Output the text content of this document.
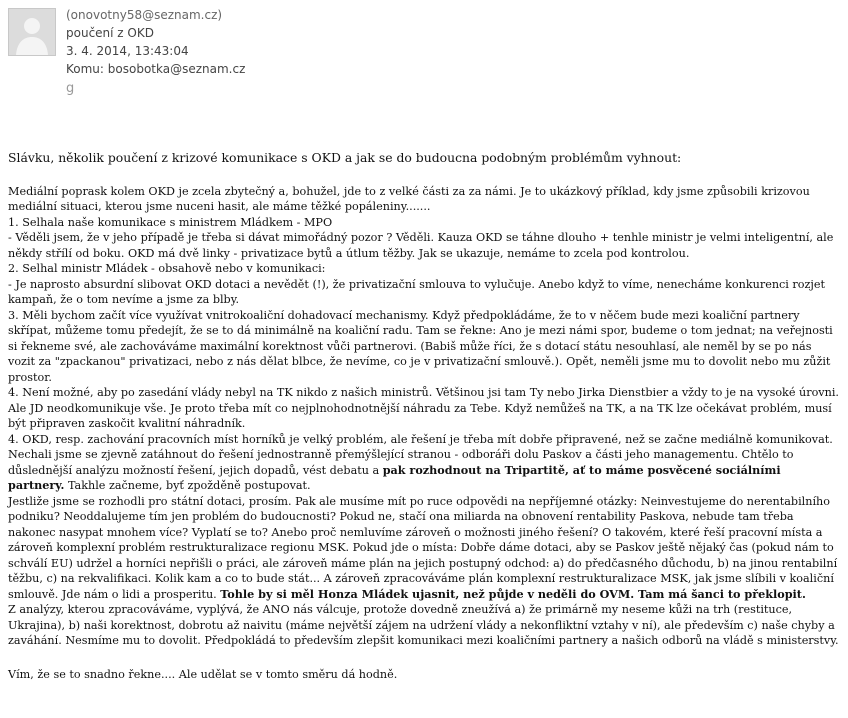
(onovotny58@seznam.cz)
poučení z OKD
3. 4. 2014, 13:43:04
Komu: bosobotka@seznam.cz
g

Slávku, několik poučení z krizové komunikace s OKD a jak se do budoucna podobným problémům vyhnout:

Mediální poprask kolem OKD je zcela zbytečný a, bohužel, jde to z velké části za za námi. Je to ukázkový příklad, kdy jsme způsobili krizovou mediální situaci, kterou jsme nuceni hasit, ale máme těžké popáleniny.......

1. Selhala naše komunikace s ministrem Mládkem - MPO

- Věděli jsem, že v jeho případě je třeba si dávat mimořádný pozor ? Věděli. Kauza OKD se táhne dlouho + tenhle ministr je velmi inteligentní, ale někdy střílí od boku. OKD má dvě linky - privatizace bytů a útlum těžby. Jak se ukazuje, nemáme to zcela pod kontrolou.

2. Selhal ministr Mládek - obsahově nebo v komunikaci:

- Je naprosto absurdní slibovat OKD dotaci a nevědět (!), že privatizační smlouva to vylučuje. Anebo když to víme, nenecháme konkurenci rozjet kampaň, že o tom nevíme a jsme za blby.

3. Měli bychom začít více využívat vnitrokoaliční dohadovací mechanismy. Když předpokládáme, že to v něčem bude mezi koaliční partnery skřípat, můžeme tomu předejít, že se to dá minimálně na koaliční radu. Tam se řekne: Ano je mezi námi spor, budeme o tom jednat; na veřejnosti si řekneme své, ale zachováváme maximální korektnost vůči partnerovi. (Babiš může říci, že s dotací státu nesouhlasí, ale neměl by se po nás vozit za "zpackanou" privatizaci, nebo z nás dělat blbce, že nevíme, co je v privatizační smlouvě.). Opět, neměli jsme mu to dovolit nebo mu zůžit prostor.

4. Není možné, aby po zasedání vlády nebyl na TK nikdo z našich ministrů. Většinou jsi tam Ty nebo Jirka Dienstbier a vždy to je na vysoké úrovni. Ale JD neodkomunikuje vše. Je proto třeba mít co nejplnohodnotnější náhradu za Tebe. Když nemůžeš na TK, a na TK lze očekávat problém, musí být připraven zaskočit kvalitní náhradník.

4. OKD, resp. zachování pracovních míst horníků je velký problém, ale řešení je třeba mít dobře připravené, než se začne mediálně komunikovat. Nechali jsme se zjevně zatáhnout do řešení jednostranně přemýšlející stranou - odboráři dolu Paskov a části jeho managementu. Chtělo to důslednější analýzu možností řešení, jejich dopadů, vést debatu a pak rozhodnout na Tripartitě, ať to máme posvěcené sociálními partnery. Takhle začneme, byť zpožděně postupovat.

Jestliže jsme se rozhodli pro státní dotaci, prosím. Pak ale musíme mít po ruce odpovědi na nepříjemné otázky: Neinvestujeme do nerentabilního podniku? Neoddalujeme tím jen problém do budoucnosti? Pokud ne, stačí ona miliarda na obnovení rentability Paskova, nebude tam třeba nakonec nasypat mnohem více? Vyplatí se to? Anebo proč nemluvíme zároveň o možnosti jiného řešení? O takovém, které řeší pracovní místa a zároveň komplexní problém restrukturalizace regionu MSK. Pokud jde o místa: Dobře dáme dotaci, aby se Paskov ještě nějaký čas (pokud nám to schválí EU) udržel a horníci nepřišli o práci, ale zároveň máme plán na jejich postupný odchod: a) do předčasného důchodu, b) na jinou rentabilní těžbu, c) na rekvalifikaci. Kolik kam a co to bude stát... A zároveň zpracováváme plán komplexní restrukturalizace MSK, jak jsme slíbili v koaliční smlouvě. Jde nám o lidi a prosperitu. Tohle by si měl Honza Mládek ujasnit, než půjde v neděli do OVM. Tam má šanci to překlopit.

Z analýzy, kterou zpracováváme, vyplývá, že ANO nás válcuje, protože dovedně zneužívá a) že primárně my neseme kůži na trh (restituce, Ukrajina), b) naši korektnost, dobrotu až naivitu (máme největší zájem na udržení vlády a nekonfliktní vztahy v ní), ale především c) naše chyby a zaváhání. Nesmíme mu to dovolit. Předpokládá to především zlepšit komunikaci mezi koaličními partnery a našich odborů na vládě s ministerstvy.

Vím, že se to snadno řekne.... Ale udělat se v tomto směru dá hodně.
